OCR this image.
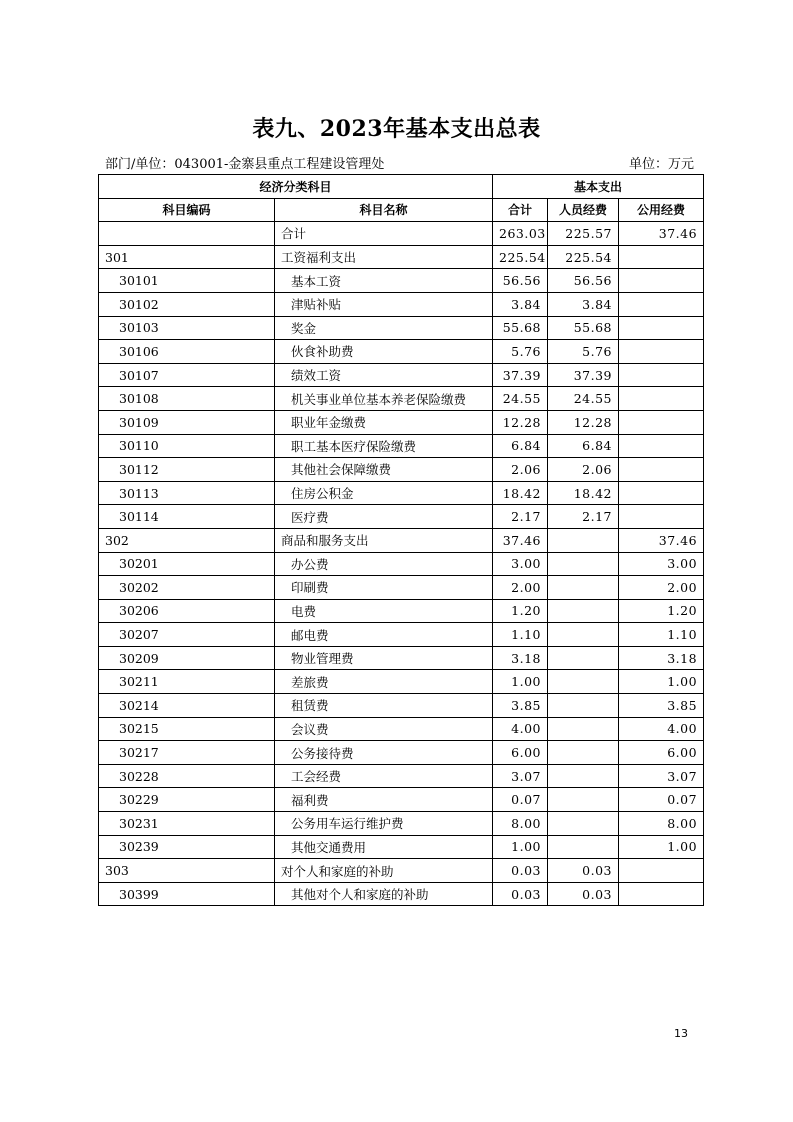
表九、2023年基本支出总表
部门/单位：043001-金寨县重点工程建设管理处	单位：万元
经济分类科目		基本支出		
科目编码	科目名称	合计	人员经费	公用经费
	合计	263.03	225.57	37.46
301	工资福利支出	225.54	225.54	
30101	基本工资	56.56	56.56	
30102	津贴补贴	3.84	3.84	
30103	奖金	55.68	55.68	
30106	伙食补助费	5.76	5.76	
30107	绩效工资	37.39	37.39	
30108	机关事业单位基本养老保险缴费	24.55	24.55	
30109	职业年金缴费	12.28	12.28	
30110	职工基本医疗保险缴费	6.84	6.84	
30112	其他社会保障缴费	2.06	2.06	
30113	住房公积金	18.42	18.42	
30114	医疗费	2.17	2.17	
302	商品和服务支出	37.46		37.46
30201	办公费	3.00		3.00
30202	印刷费	2.00		2.00
30206	电费	1.20		1.20
30207	邮电费	1.10		1.10
30209	物业管理费	3.18		3.18
30211	差旅费	1.00		1.00
30214	租赁费	3.85		3.85
30215	会议费	4.00		4.00
30217	公务接待费	6.00		6.00
30228	工会经费	3.07		3.07
30229	福利费	0.07		0.07
30231	公务用车运行维护费	8.00		8.00
30239	其他交通费用	1.00		1.00
303	对个人和家庭的补助	0.03	0.03	
30399	其他对个人和家庭的补助	0.03	0.03	
13
